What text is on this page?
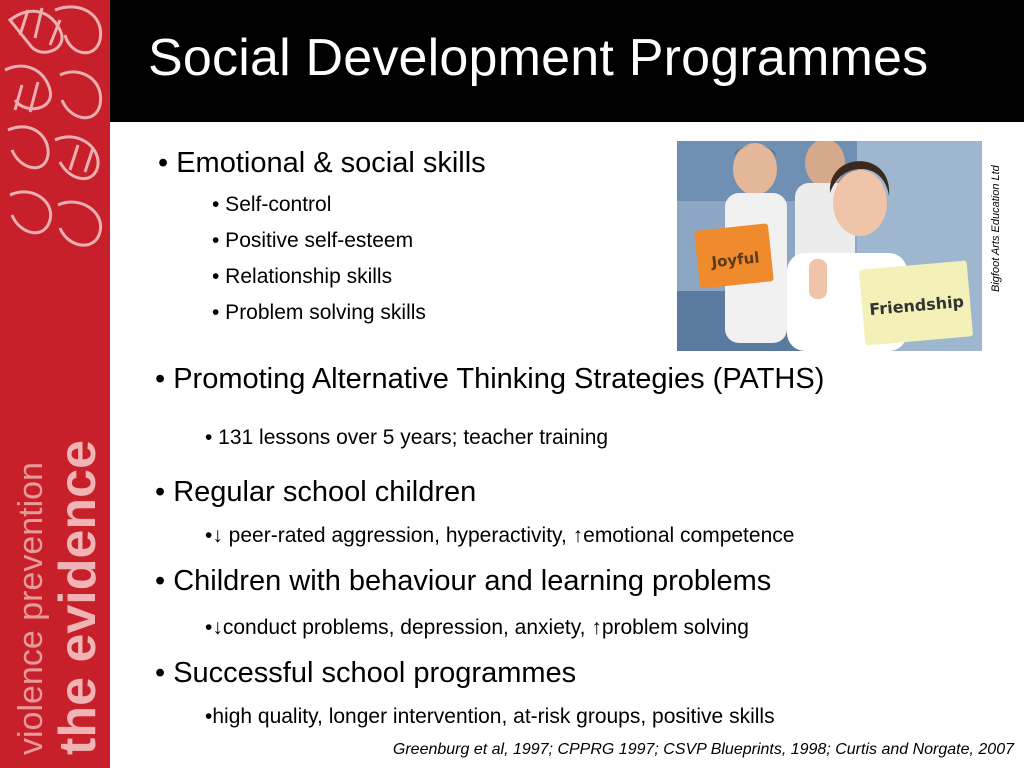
violence prevention the evidence
Social Development Programmes
• Emotional & social skills
• Self-control
• Positive self-esteem
• Relationship skills
• Problem solving skills
Joyful
Friendship
Bigfoot Arts Education Ltd
• Promoting Alternative Thinking Strategies (PATHS)
• 131 lessons over 5 years; teacher training
• Regular school children
•↓ peer-rated aggression, hyperactivity, ↑emotional competence
• Children with behaviour and learning problems
•↓conduct problems, depression, anxiety, ↑problem solving
• Successful school programmes
•high quality, longer intervention, at-risk groups, positive skills
Greenburg et al, 1997; CPPRG 1997; CSVP Blueprints, 1998; Curtis and Norgate, 2007
